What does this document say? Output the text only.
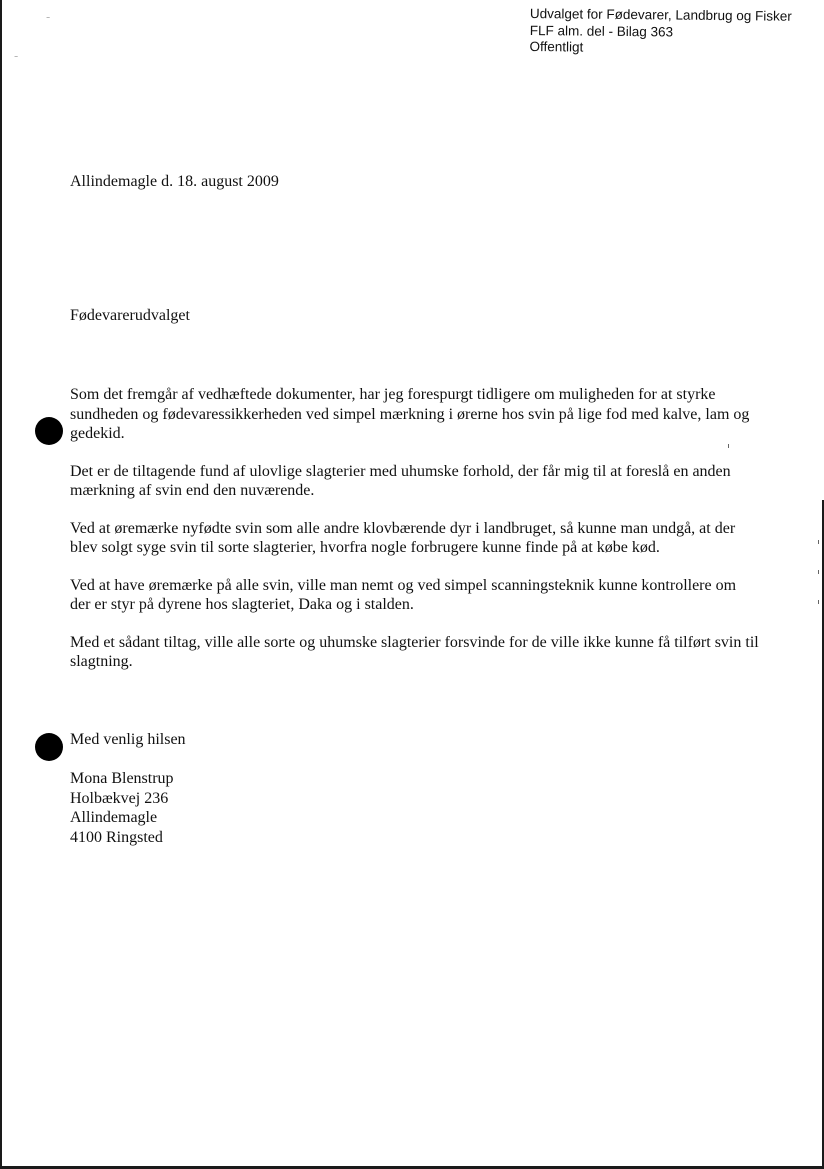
⁻
⁻
Udvalget for Fødevarer, Landbrug og Fisker
FLF alm. del - Bilag 363
Offentligt
Allindemagle d. 18. august 2009
Fødevarerudvalget

Som det fremgår af vedhæftede dokumenter, har jeg forespurgt tidligere om muligheden for at styrke sundheden og fødevaressikkerheden ved simpel mærkning i ørerne hos svin på lige fod med kalve, lam og gedekid.

Det er de tiltagende fund af ulovlige slagterier med uhumske forhold, der får mig til at foreslå en anden mærkning af svin end den nuværende.

Ved at øremærke nyfødte svin som alle andre klovbærende dyr i landbruget, så kunne man undgå, at der blev solgt syge svin til sorte slagterier, hvorfra nogle forbrugere kunne finde på at købe kød.

Ved at have øremærke på alle svin, ville man nemt og ved simpel scanningsteknik kunne kontrollere om der er styr på dyrene hos slagteriet, Daka og i stalden.

Med et sådant tiltag, ville alle sorte og uhumske slagterier forsvinde for de ville ikke kunne få tilført svin til slagtning.

Med venlig hilsen
Mona Blenstrup
Holbækvej 236
Allindemagle
4100 Ringsted
